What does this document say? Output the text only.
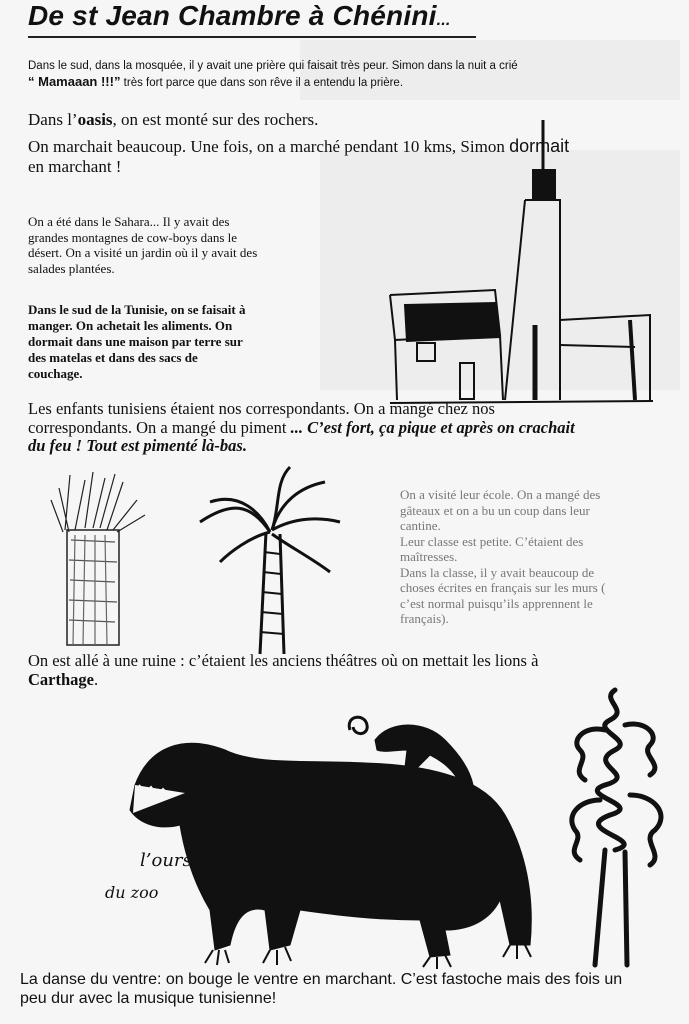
De st Jean Chambre à Chénini...

Dans le sud, dans la mosquée, il y avait une prière qui faisait très peur. Simon dans la nuit a crié
“ Mamaaan !!!” très fort parce que dans son rêve il a entendu la prière.

Dans l’oasis, on est monté sur des rochers.

On marchait beaucoup. Une fois, on a marché pendant 10 kms, Simon dormait
en marchant !

On a été dans le Sahara... Il y avait des
grandes montagnes de cow-boys dans le
désert. On a visité un jardin où il y avait des
salades plantées.

Dans le sud de la Tunisie, on se faisait à
manger. On achetait les aliments. On
dormait dans une maison par terre sur
des matelas et dans des sacs de
couchage.

Les enfants tunisiens étaient nos correspondants. On a mangé chez nos
correspondants. On a mangé du piment ... C’est fort, ça pique et après on crachait
du feu ! Tout est pimenté là-bas.

On a visité leur école. On a mangé des
gâteaux et on a bu un coup dans leur
cantine.
Leur classe est petite. C’étaient des
maîtresses.
Dans la classe, il y avait beaucoup de
choses écrites en français sur les murs (
c’est normal puisqu’ils apprennent le
français).

On est allé à une ruine : c’étaient les anciens théâtres où on mettait les lions à
Carthage.

l’ours
du zoo

La danse du ventre: on bouge le ventre en marchant. C’est fastoche mais des fois un
peu dur avec la musique tunisienne!
